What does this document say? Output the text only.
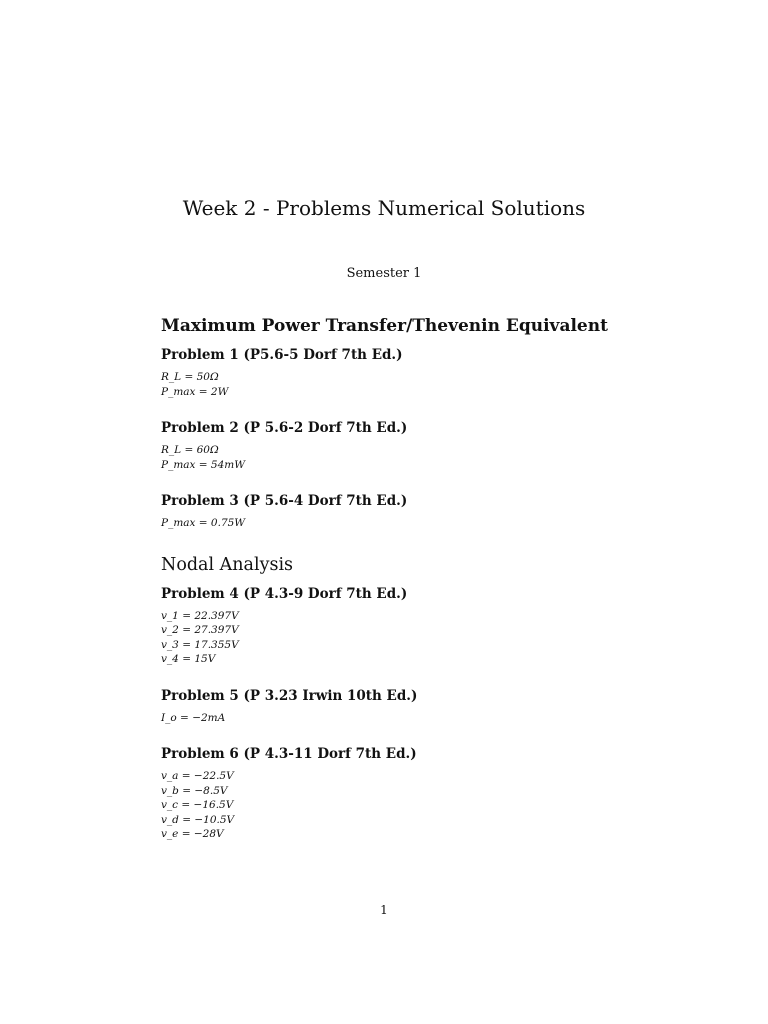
Week 2 - Problems Numerical Solutions
Semester 1
Maximum Power Transfer/Thevenin Equivalent
Problem 1 (P5.6-5 Dorf 7th Ed.)
R_L = 50Ω
P_max = 2W
Problem 2 (P 5.6-2 Dorf 7th Ed.)
R_L = 60Ω
P_max = 54mW
Problem 3 (P 5.6-4 Dorf 7th Ed.)
P_max = 0.75W
Nodal Analysis
Problem 4 (P 4.3-9 Dorf 7th Ed.)
v_1 = 22.397V
v_2 = 27.397V
v_3 = 17.355V
v_4 = 15V
Problem 5 (P 3.23 Irwin 10th Ed.)
I_o = −2mA
Problem 6 (P 4.3-11 Dorf 7th Ed.)
v_a = −22.5V
v_b = −8.5V
v_c = −16.5V
v_d = −10.5V
v_e = −28V
1
